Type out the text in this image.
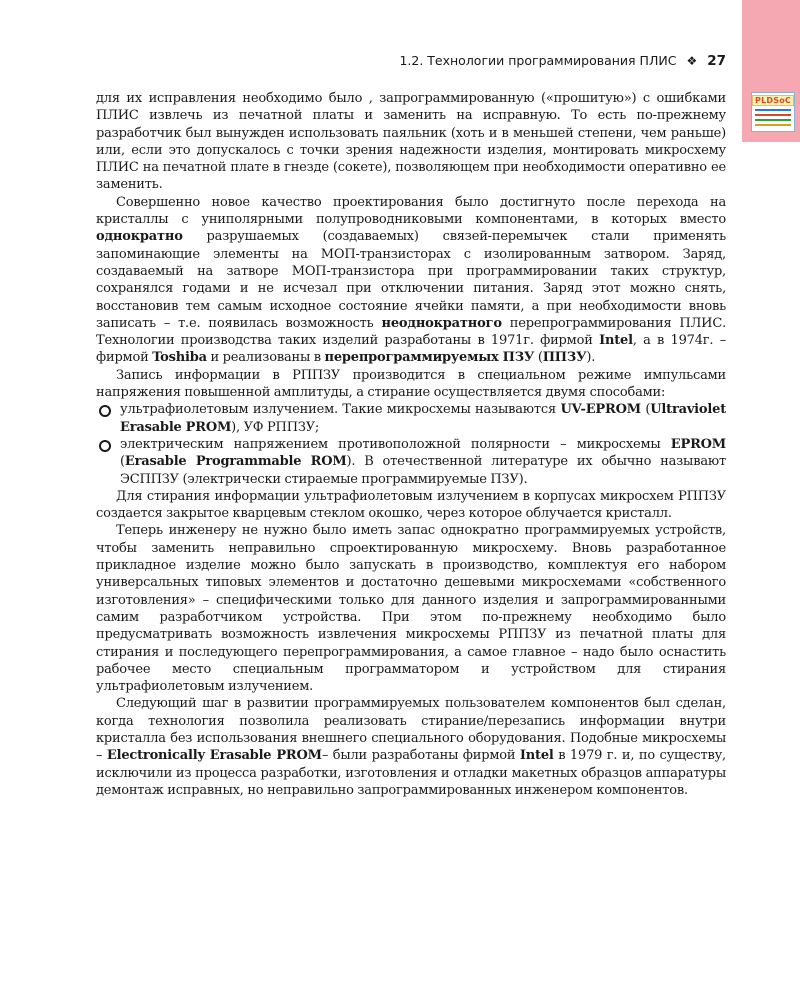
PLDSoC
1.2. Технологии программирования ПЛИС ❖ 27

для их исправления необходимо было , запрограммированную («прошитую») с ошибками ПЛИС извлечь из печатной платы и заменить на исправную. То есть по-прежнему разработчик был вынужден использовать паяльник (хоть и в меньшей степени, чем раньше) или, если это допускалось с точки зрения надежности изделия, монтировать микросхему ПЛИС на печатной плате в гнезде (сокете), позволяющем при необходимости оперативно ее заменить.

Совершенно новое качество проектирования было достигнуто после перехода на кристаллы с униполярными полупроводниковыми компонентами, в которых вместо однократно разрушаемых (создаваемых) связей-перемычек стали применять запоминающие элементы на МОП-транзисторах с изолированным затвором. Заряд, создаваемый на затворе МОП-транзистора при программировании таких структур, сохранялся годами и не исчезал при отключении питания. Заряд этот можно снять, восстановив тем самым исходное состояние ячейки памяти, а при необходимости вновь записать – т.е. появилась возможность неоднократного перепрограммирования ПЛИС. Технологии производства таких изделий разработаны в 1971г. фирмой Intel, а в 1974г. – фирмой Toshiba и реализованы в перепрограммируемых ПЗУ (ППЗУ).

Запись информации в РППЗУ производится в специальном режиме импульсами напряжения повышенной амплитуды, а стирание осуществляется двумя способами:

ультрафиолетовым излучением. Такие микросхемы называются UV-EPROM (Ultraviolet Erasable PROM), УФ РППЗУ;
электрическим напряжением противоположной полярности – микросхемы EPROM (Erasable Programmable ROM). В отечественной литературе их обычно называют ЭСППЗУ (электрически стираемые программируемые ПЗУ).

Для стирания информации ультрафиолетовым излучением в корпусах микросхем РППЗУ создается закрытое кварцевым стеклом окошко, через которое облучается кристалл.

Теперь инженеру не нужно было иметь запас однократно программируемых устройств, чтобы заменить неправильно спроектированную микросхему. Вновь разработанное прикладное изделие можно было запускать в производство, комплектуя его набором универсальных типовых элементов и достаточно дешевыми микросхемами «собственного изготовления» – специфическими только для данного изделия и запрограммированными самим разработчиком устройства. При этом по-прежнему необходимо было предусматривать возможность извлечения микросхемы РППЗУ из печатной платы для стирания и последующего перепрограммирования, а самое главное – надо было оснастить рабочее место специальным программатором и устройством для стирания ультрафиолетовым излучением.

Следующий шаг в развитии программируемых пользователем компонентов был сделан, когда технология позволила реализовать стирание/перезапись информации внутри кристалла без использования внешнего специального оборудования. Подобные микросхемы – Electronically Erasable PROM– были разработаны фирмой Intel в 1979 г. и, по существу, исключили из процесса разработки, изготовления и отладки макетных образцов аппаратуры демонтаж исправных, но неправильно запрограммированных инженером компонентов.
